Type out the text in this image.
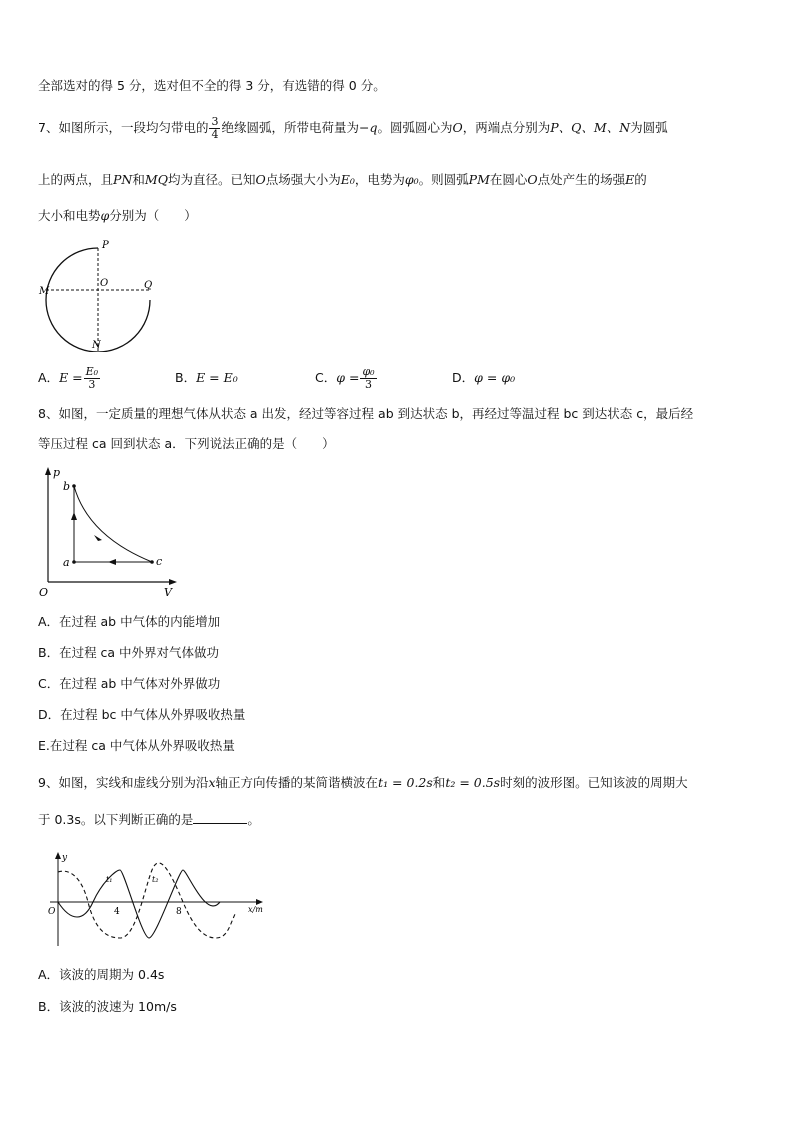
全部选对的得 5 分，选对但不全的得 3 分，有选错的得 0 分。
7、如图所示，一段均匀带电的 $\frac{3}{4}$ 绝缘圆弧，所带电荷量为−q。圆弧圆心为O，两端点分别为P、Q、M、N为圆弧
上的两点，且PN和MQ均为直径。已知O点场强大小为E₀，电势为φ₀。则圆弧PM在圆心O点处产生的场强E的
大小和电势φ分别为（　　）
P
O
M
Q
N
A．$E = \frac{\text{E₀}}{3}$	B．E = E₀	C．$\varphi = \frac{\text{φ₀}}{3}$	D．φ = φ₀
8、如图，一定质量的理想气体从状态 a 出发，经过等容过程 ab 到达状态 b，再经过等温过程 bc 到达状态 c，最后经
等压过程 ca 回到状态 a．下列说法正确的是（　　）
p
V
O
a
b
c
A．在过程 ab 中气体的内能增加
B．在过程 ca 中外界对气体做功
C．在过程 ab 中气体对外界做功
D．在过程 bc 中气体从外界吸收热量
E.在过程 ca 中气体从外界吸收热量
9、如图，实线和虚线分别为沿x轴正方向传播的某简谐横波在t₁ = 0.2s和t₂ = 0.5s时刻的波形图。已知该波的周期大
于 0.3s。以下判断正确的是	。
y
O	4	8	x/m
t₁	t₂
A．该波的周期为 0.4s
B．该波的波速为 10m/s
